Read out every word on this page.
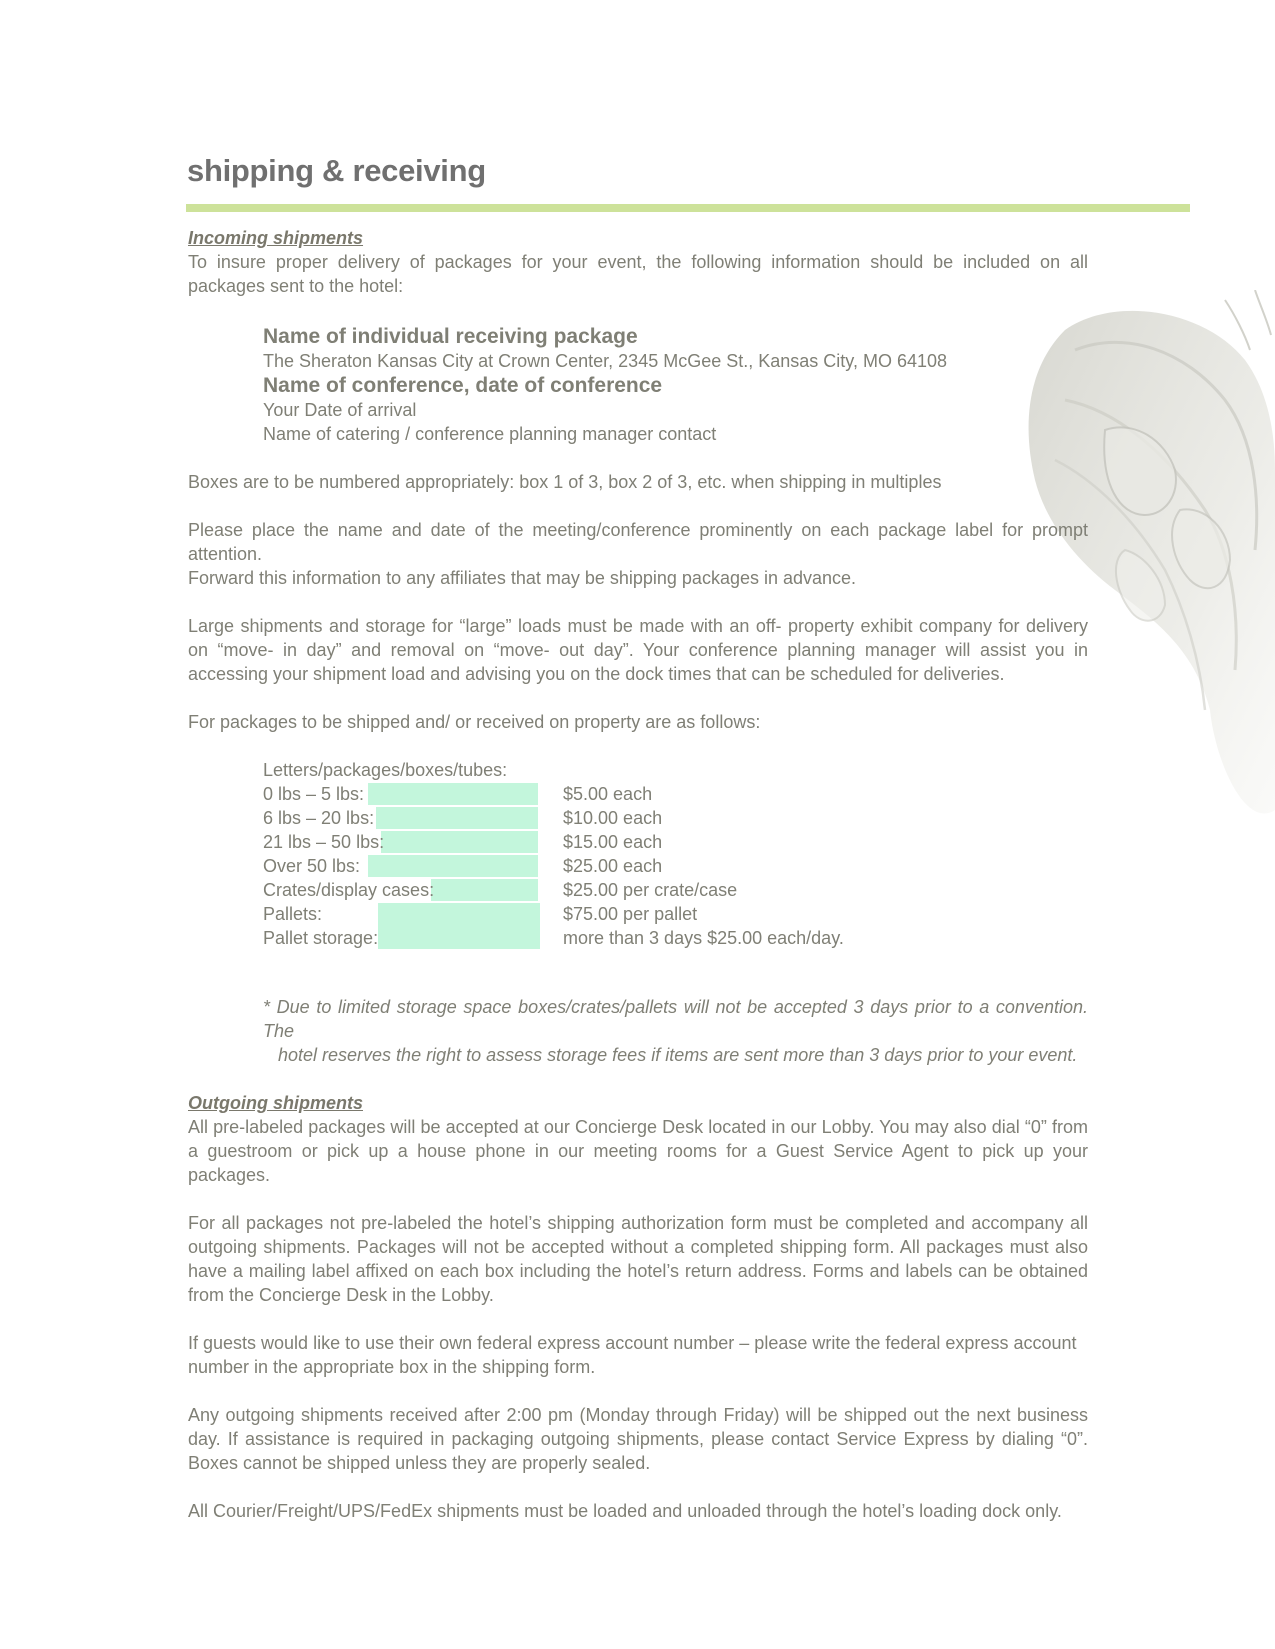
shipping & receiving
Incoming shipments

To insure proper delivery of packages for your event, the following information should be included on all packages sent to the hotel:

Name of individual receiving package
The Sheraton Kansas City at Crown Center, 2345 McGee St., Kansas City, MO 64108
Name of conference, date of conference
Your Date of arrival
Name of catering / conference planning manager contact

Boxes are to be numbered appropriately: box 1 of 3, box 2 of 3, etc. when shipping in multiples

Please place the name and date of the meeting/conference prominently on each package label for prompt attention.

Forward this information to any affiliates that may be shipping packages in advance.

Large shipments and storage for “large” loads must be made with an off- property exhibit company for delivery on “move- in day” and removal on “move- out day”. Your conference planning manager will assist you in accessing your shipment load and advising you on the dock times that can be scheduled for deliveries.

For packages to be shipped and/ or received on property are as follows:

Letters/packages/boxes/tubes:
0 lbs – 5 lbs:	$5.00 each
6 lbs – 20 lbs:	$10.00 each
21 lbs – 50 lbs:	$15.00 each
Over 50 lbs:	$25.00 each
Crates/display cases:	$25.00 per crate/case
Pallets:	$75.00 per pallet
Pallet storage:	more than 3 days $25.00 each/day.
* Due to limited storage space boxes/crates/pallets will not be accepted 3 days prior to a convention. The
hotel reserves the right to assess storage fees if items are sent more than 3 days prior to your event.
Outgoing shipments

All pre-labeled packages will be accepted at our Concierge Desk located in our Lobby. You may also dial “0” from a guestroom or pick up a house phone in our meeting rooms for a Guest Service Agent to pick up your packages.

For all packages not pre-labeled the hotel’s shipping authorization form must be completed and accompany all outgoing shipments. Packages will not be accepted without a completed shipping form. All packages must also have a mailing label affixed on each box including the hotel’s return address. Forms and labels can be obtained from the Concierge Desk in the Lobby.

If guests would like to use their own federal express account number – please write the federal express account

number in the appropriate box in the shipping form.

Any outgoing shipments received after 2:00 pm (Monday through Friday) will be shipped out the next business day. If assistance is required in packaging outgoing shipments, please contact Service Express by dialing “0”. Boxes cannot be shipped unless they are properly sealed.

All Courier/Freight/UPS/FedEx shipments must be loaded and unloaded through the hotel’s loading dock only.
